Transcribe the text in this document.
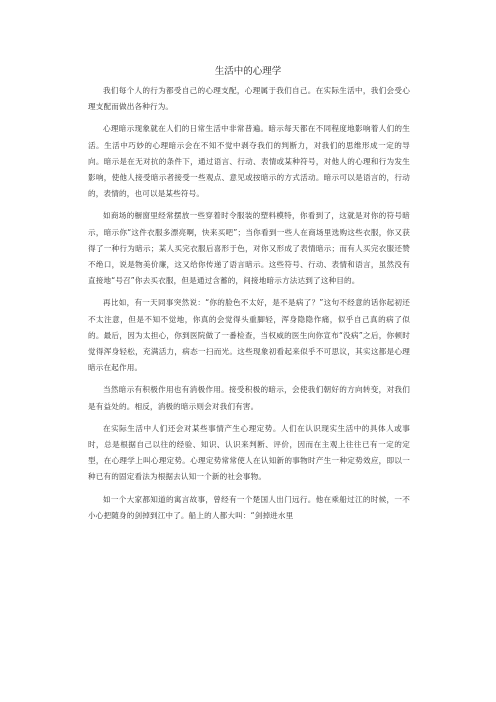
生活中的心理学

我们每个人的行为都受自己的心理支配，心理属于我们自己。在实际生活中，我们会受心理支配而做出各种行为。

心理暗示现象就在人们的日常生活中非常普遍。暗示每天都在不同程度地影响着人们的生活。生活中巧妙的心理暗示会在不知不觉中剥夺我们的判断力，对我们的思维形成一定的导向。暗示是在无对抗的条件下，通过语言、行动、表情或某种符号，对他人的心理和行为发生影响，使他人接受暗示者接受一些观点、意见或按暗示的方式活动。暗示可以是语言的，行动的，表情的，也可以是某些符号。

如商场的橱窗里经常摆放一些穿着时令服装的塑料模特，你看到了，这就是对你的符号暗示，暗示你“这件衣服多漂亮啊，快来买吧”；当你看到一些人在商场里选购这些衣服，你又获得了一种行为暗示；某人买完衣服后喜形于色，对你又形成了表情暗示；而有人买完衣服还赞不绝口，说是物美价廉，这又给你传递了语言暗示。这些符号、行动、表情和语言，虽然没有直接地“号召”你去买衣服，但是通过含蓄的，间接地暗示方法达到了这种目的。

再比如，有一天同事突然说：“你的脸色不太好，是不是病了？”这句不经意的话你起初还不太注意，但是不知不觉地，你真的会觉得头重脚轻，浑身隐隐作痛，似乎自己真的病了似的。最后，因为太担心，你到医院做了一番检查，当权威的医生向你宣布“没病”之后，你顿时觉得浑身轻松，充满活力，病态一扫而光。这些现象初看起来似乎不可思议，其实这都是心理暗示在起作用。

当然暗示有积极作用也有消极作用。接受积极的暗示，会使我们朝好的方向转变，对我们是有益处的。相反，消极的暗示则会对我们有害。

在实际生活中人们还会对某些事情产生心理定势。人们在认识现实生活中的具体人或事时，总是根据自己以往的经验、知识、认识来判断、评价，因而在主观上往往已有一定的定型，在心理学上叫心理定势。心理定势常常使人在认知新的事物时产生一种定势效应，即以一种已有的固定看法为根据去认知一个新的社会事物。

如一个大家都知道的寓言故事，曾经有一个楚国人出门远行。他在乘船过江的时候，一不小心把随身的剑掉到江中了。船上的人都大叫：“剑掉进水里
